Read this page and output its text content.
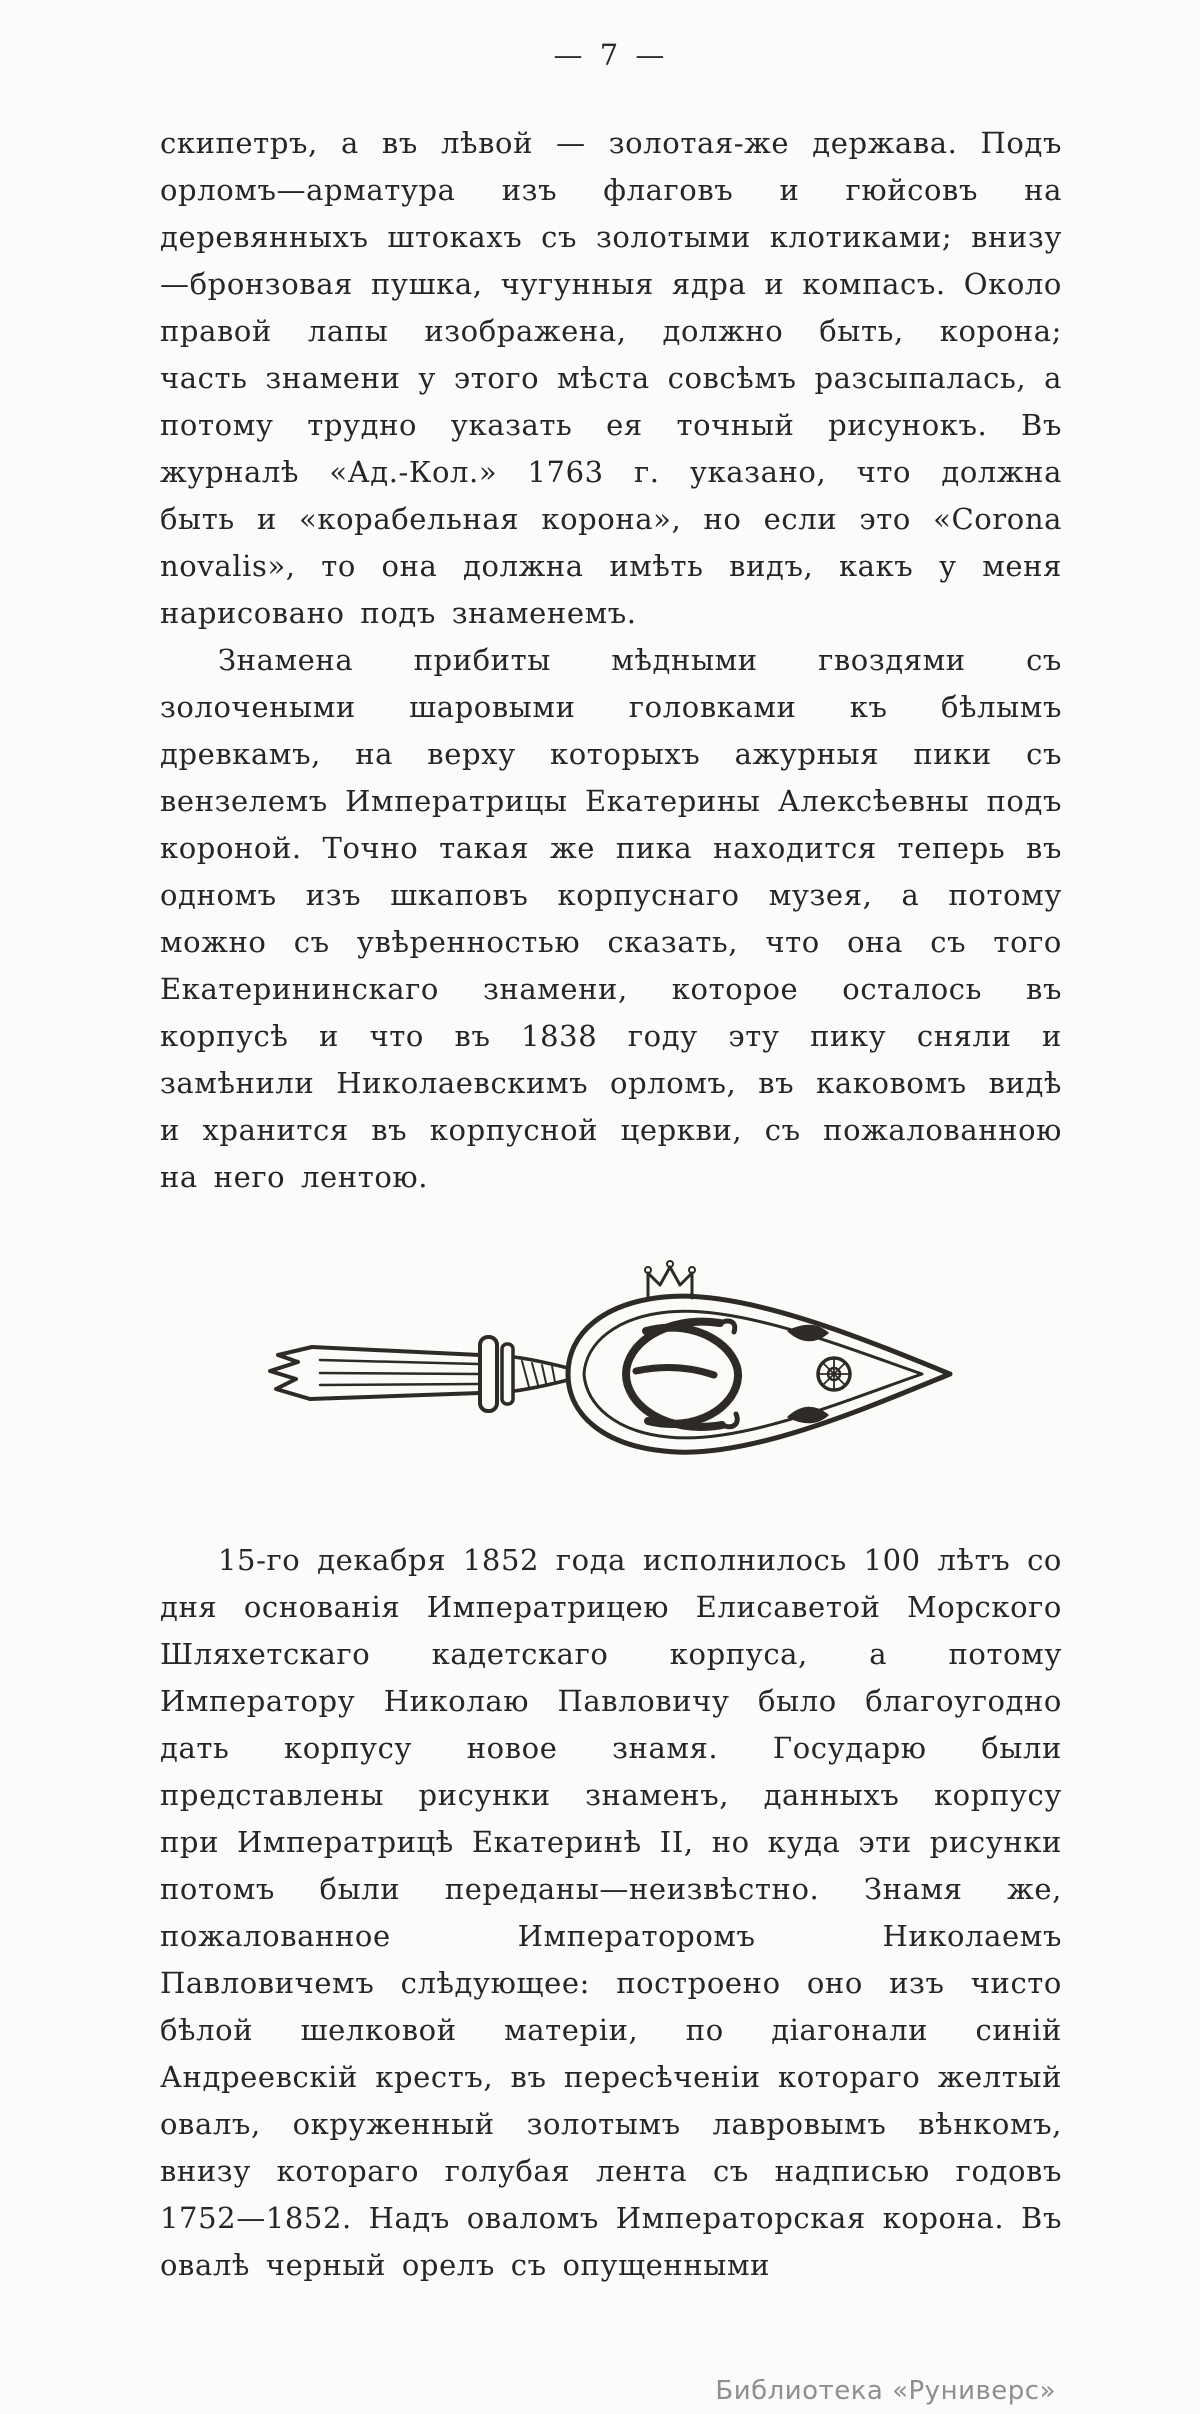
— 7 —

скипетръ, а въ лѣвой — золотая-же держава. Подъ орломъ—арматура изъ флаговъ и гюйсовъ на деревянныхъ штокахъ съ золотыми клотиками; внизу—бронзовая пушка, чугунныя ядра и компасъ. Около правой лапы изображена, должно быть, корона; часть знамени у этого мѣста совсѣмъ разсыпалась, а потому трудно указать ея точный рисунокъ. Въ журналѣ «Ад.-Кол.» 1763 г. указано, что должна быть и «корабельная корона», но если это «Corona novalis», то она должна имѣть видъ, какъ у меня нарисовано подъ знаменемъ.

Знамена прибиты мѣдными гвоздями съ золочеными шаровыми головками къ бѣлымъ древкамъ, на верху которыхъ ажурныя пики съ вензелемъ Императрицы Екатерины Алексѣевны подъ короной. Точно такая же пика находится теперь въ одномъ изъ шкаповъ корпуснаго музея, а потому можно съ увѣренностью сказать, что она съ того Екатерининскаго знамени, которое осталось въ корпусѣ и что въ 1838 году эту пику сняли и замѣнили Николаевскимъ орломъ, въ каковомъ видѣ и хранится въ корпусной церкви, съ пожалованною на него лентою.

15-го декабря 1852 года исполнилось 100 лѣтъ со дня основанія Императрицею Елисаветой Морского Шляхетскаго кадетскаго корпуса, а потому Императору Николаю Павловичу было благоугодно дать корпусу новое знамя. Государю были представлены рисунки знаменъ, данныхъ корпусу при Императрицѣ Екатеринѣ II, но куда эти рисунки потомъ были переданы—неизвѣстно. Знамя же, пожалованное Императоромъ Николаемъ Павловичемъ слѣдующее: построено оно изъ чисто бѣлой шелковой матеріи, по діагонали синій Андреевскій крестъ, въ пересѣченіи котораго желтый овалъ, окруженный золотымъ лавровымъ вѣнкомъ, внизу котораго голубая лента съ надписью годовъ 1752—1852. Надъ оваломъ Императорская корона. Въ овалѣ черный орелъ съ опущенными

Библиотека «Руниверс»
